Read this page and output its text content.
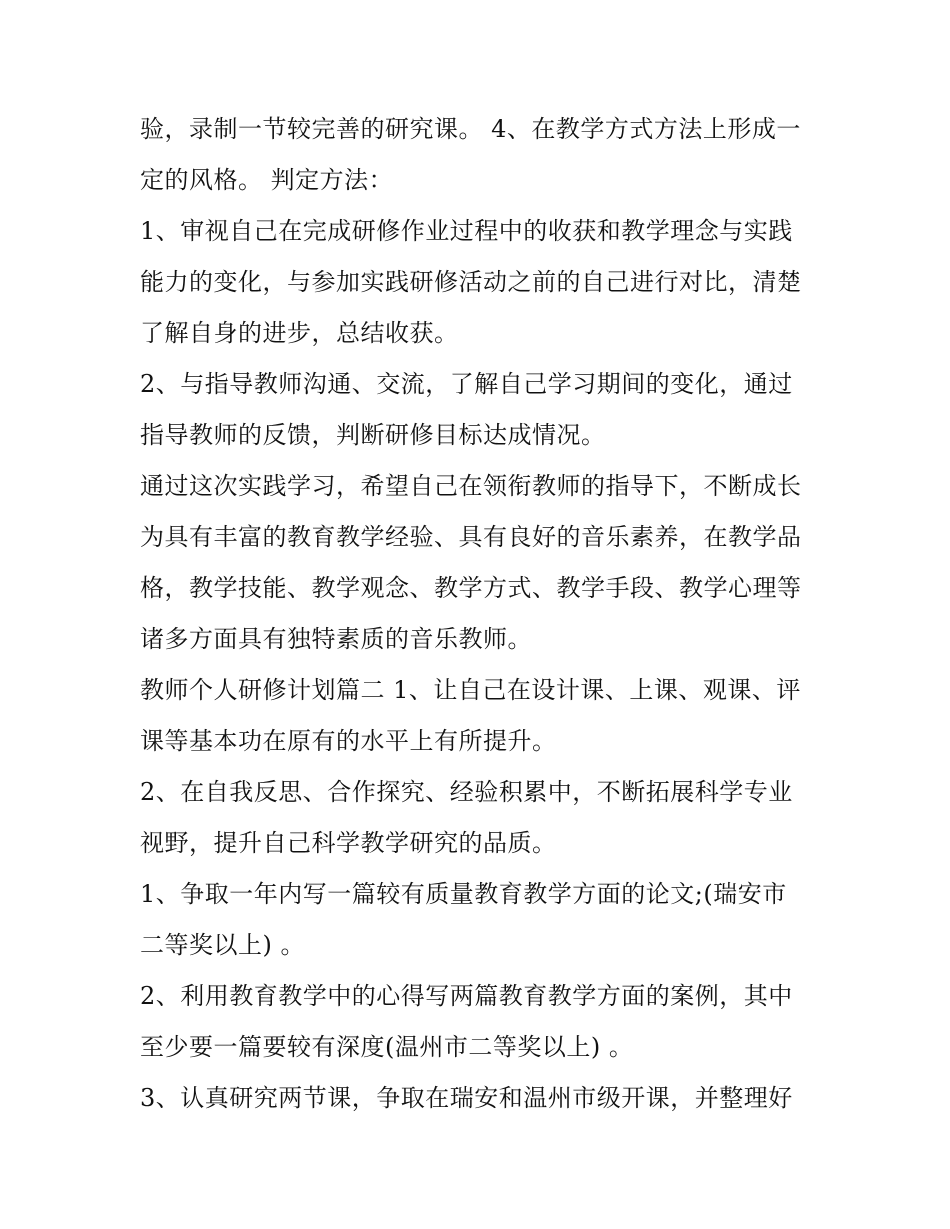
验，录制一节较完善的研究课。 4、在教学方式方法上形成一
定的风格。 判定方法：
1、审视自己在完成研修作业过程中的收获和教学理念与实践
能力的变化，与参加实践研修活动之前的自己进行对比，清楚
了解自身的进步，总结收获。
2、与指导教师沟通、交流，了解自己学习期间的变化，通过
指导教师的反馈，判断研修目标达成情况。
通过这次实践学习，希望自己在领衔教师的指导下，不断成长
为具有丰富的教育教学经验、具有良好的音乐素养，在教学品
格，教学技能、教学观念、教学方式、教学手段、教学心理等
诸多方面具有独特素质的音乐教师。
教师个人研修计划篇二 1、让自己在设计课、上课、观课、评
课等基本功在原有的水平上有所提升。
2、在自我反思、合作探究、经验积累中，不断拓展科学专业
视野，提升自己科学教学研究的品质。
1、争取一年内写一篇较有质量教育教学方面的论文;(瑞安市
二等奖以上) 。
2、利用教育教学中的心得写两篇教育教学方面的案例，其中
至少要一篇要较有深度(温州市二等奖以上) 。
3、认真研究两节课，争取在瑞安和温州市级开课，并整理好
